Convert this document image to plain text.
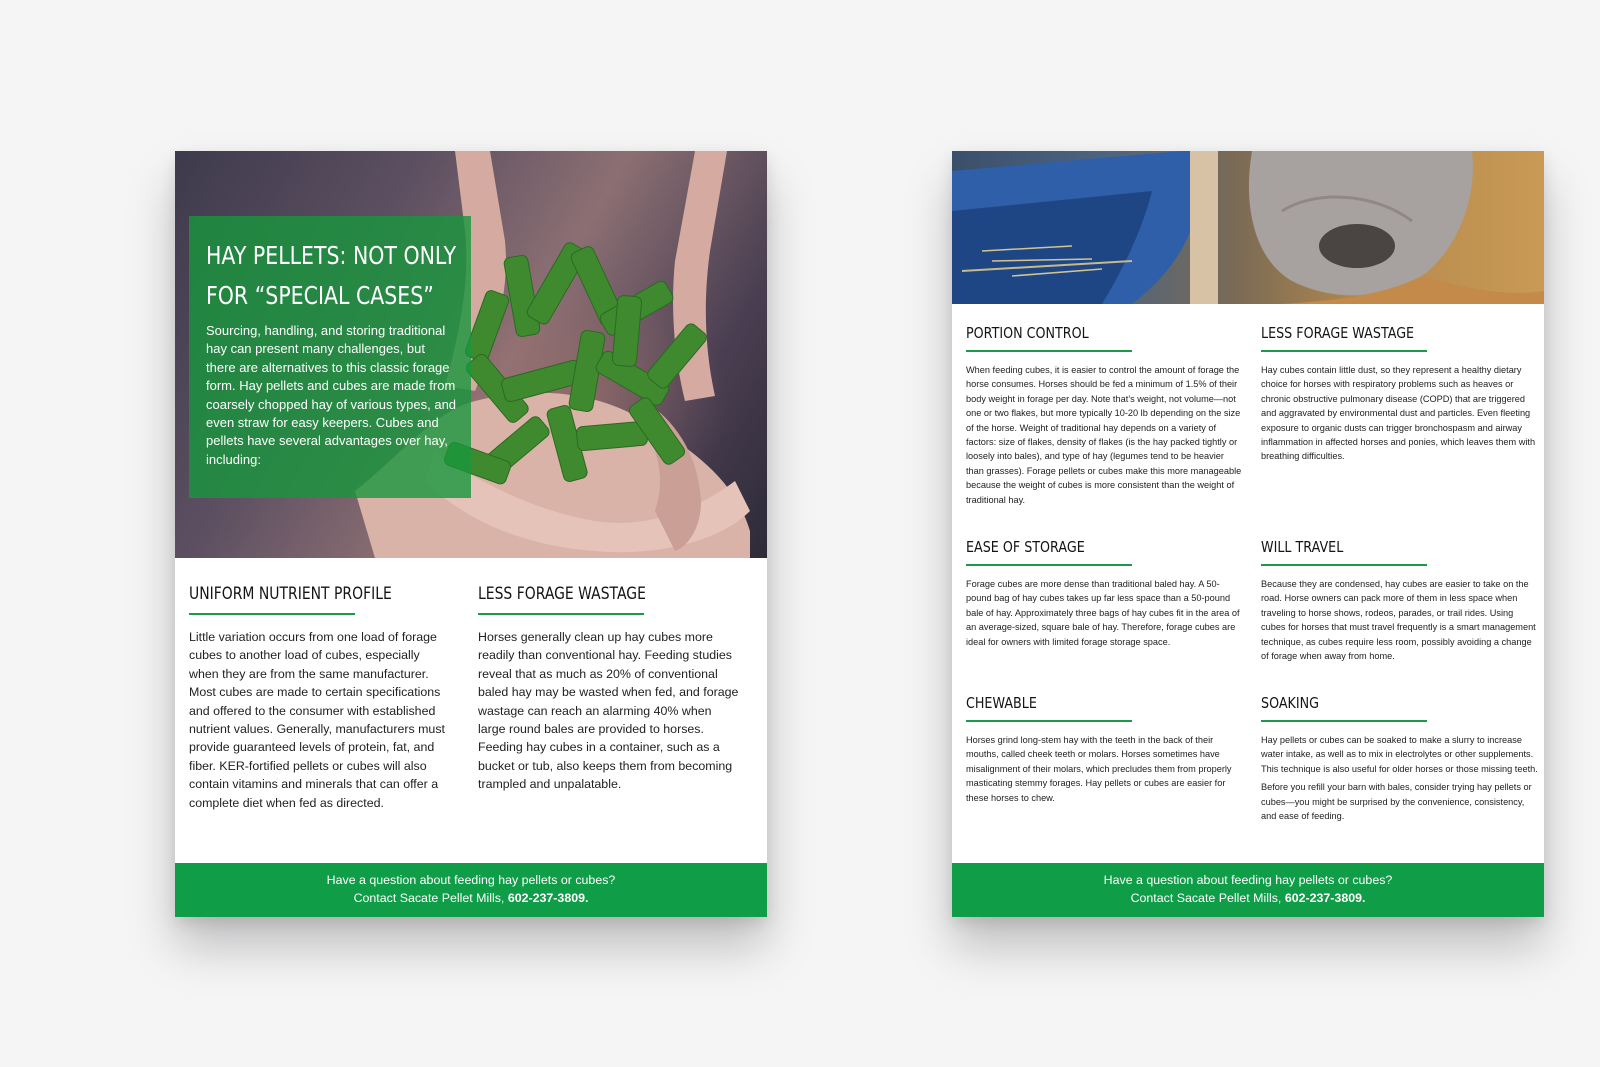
HAY PELLETS: NOT ONLY
FOR “SPECIAL CASES”
Sourcing, handling, and storing traditional hay can present many challenges, but there are alternatives to this classic forage form. Hay pellets and cubes are made from coarsely chopped hay of various types, and even straw for easy keepers. Cubes and pellets have several advantages over hay, including:
UNIFORM NUTRIENT PROFILE
Little variation occurs from one load of forage cubes to another load of cubes, especially when they are from the same manufacturer. Most cubes are made to certain specifications and offered to the consumer with established nutrient values. Generally, manufacturers must provide guaranteed levels of protein, fat, and fiber. KER-fortified pellets or cubes will also contain vitamins and minerals that can offer a complete diet when fed as directed.
LESS FORAGE WASTAGE
Horses generally clean up hay cubes more readily than conventional hay. Feeding studies reveal that as much as 20% of conventional baled hay may be wasted when fed, and forage wastage can reach an alarming 40% when large round bales are provided to horses. Feeding hay cubes in a container, such as a bucket or tub, also keeps them from becoming trampled and unpalatable.
Have a question about feeding hay pellets or cubes?
Contact Sacate Pellet Mills, 602-237-3809.
PORTION CONTROL
When feeding cubes, it is easier to control the amount of forage the horse consumes. Horses should be fed a minimum of 1.5% of their body weight in forage per day. Note that’s weight, not volume—not one or two flakes, but more typically 10-20 lb depending on the size of the horse. Weight of traditional hay depends on a variety of factors: size of flakes, density of flakes (is the hay packed tightly or loosely into bales), and type of hay (legumes tend to be heavier than grasses). Forage pellets or cubes make this more manageable because the weight of cubes is more consistent than the weight of traditional hay.
LESS FORAGE WASTAGE
Hay cubes contain little dust, so they represent a healthy dietary choice for horses with respiratory problems such as heaves or chronic obstructive pulmonary disease (COPD) that are triggered and aggravated by environmental dust and particles. Even fleeting exposure to organic dusts can trigger bronchospasm and airway inflammation in affected horses and ponies, which leaves them with breathing difficulties.
EASE OF STORAGE
Forage cubes are more dense than traditional baled hay. A 50-pound bag of hay cubes takes up far less space than a 50-pound bale of hay. Approximately three bags of hay cubes fit in the area of an average-sized, square bale of hay. Therefore, forage cubes are ideal for owners with limited forage storage space.
WILL TRAVEL
Because they are condensed, hay cubes are easier to take on the road. Horse owners can pack more of them in less space when traveling to horse shows, rodeos, parades, or trail rides. Using cubes for horses that must travel frequently is a smart management technique, as cubes require less room, possibly avoiding a change of forage when away from home.
CHEWABLE
Horses grind long-stem hay with the teeth in the back of their mouths, called cheek teeth or molars. Horses sometimes have misalignment of their molars, which precludes them from properly masticating stemmy forages. Hay pellets or cubes are easier for these horses to chew.
SOAKING
Hay pellets or cubes can be soaked to make a slurry to increase water intake, as well as to mix in electrolytes or other supplements. This technique is also useful for older horses or those missing teeth.
Before you refill your barn with bales, consider trying hay pellets or cubes—you might be surprised by the convenience, consistency, and ease of feeding.
Have a question about feeding hay pellets or cubes?
Contact Sacate Pellet Mills, 602-237-3809.
